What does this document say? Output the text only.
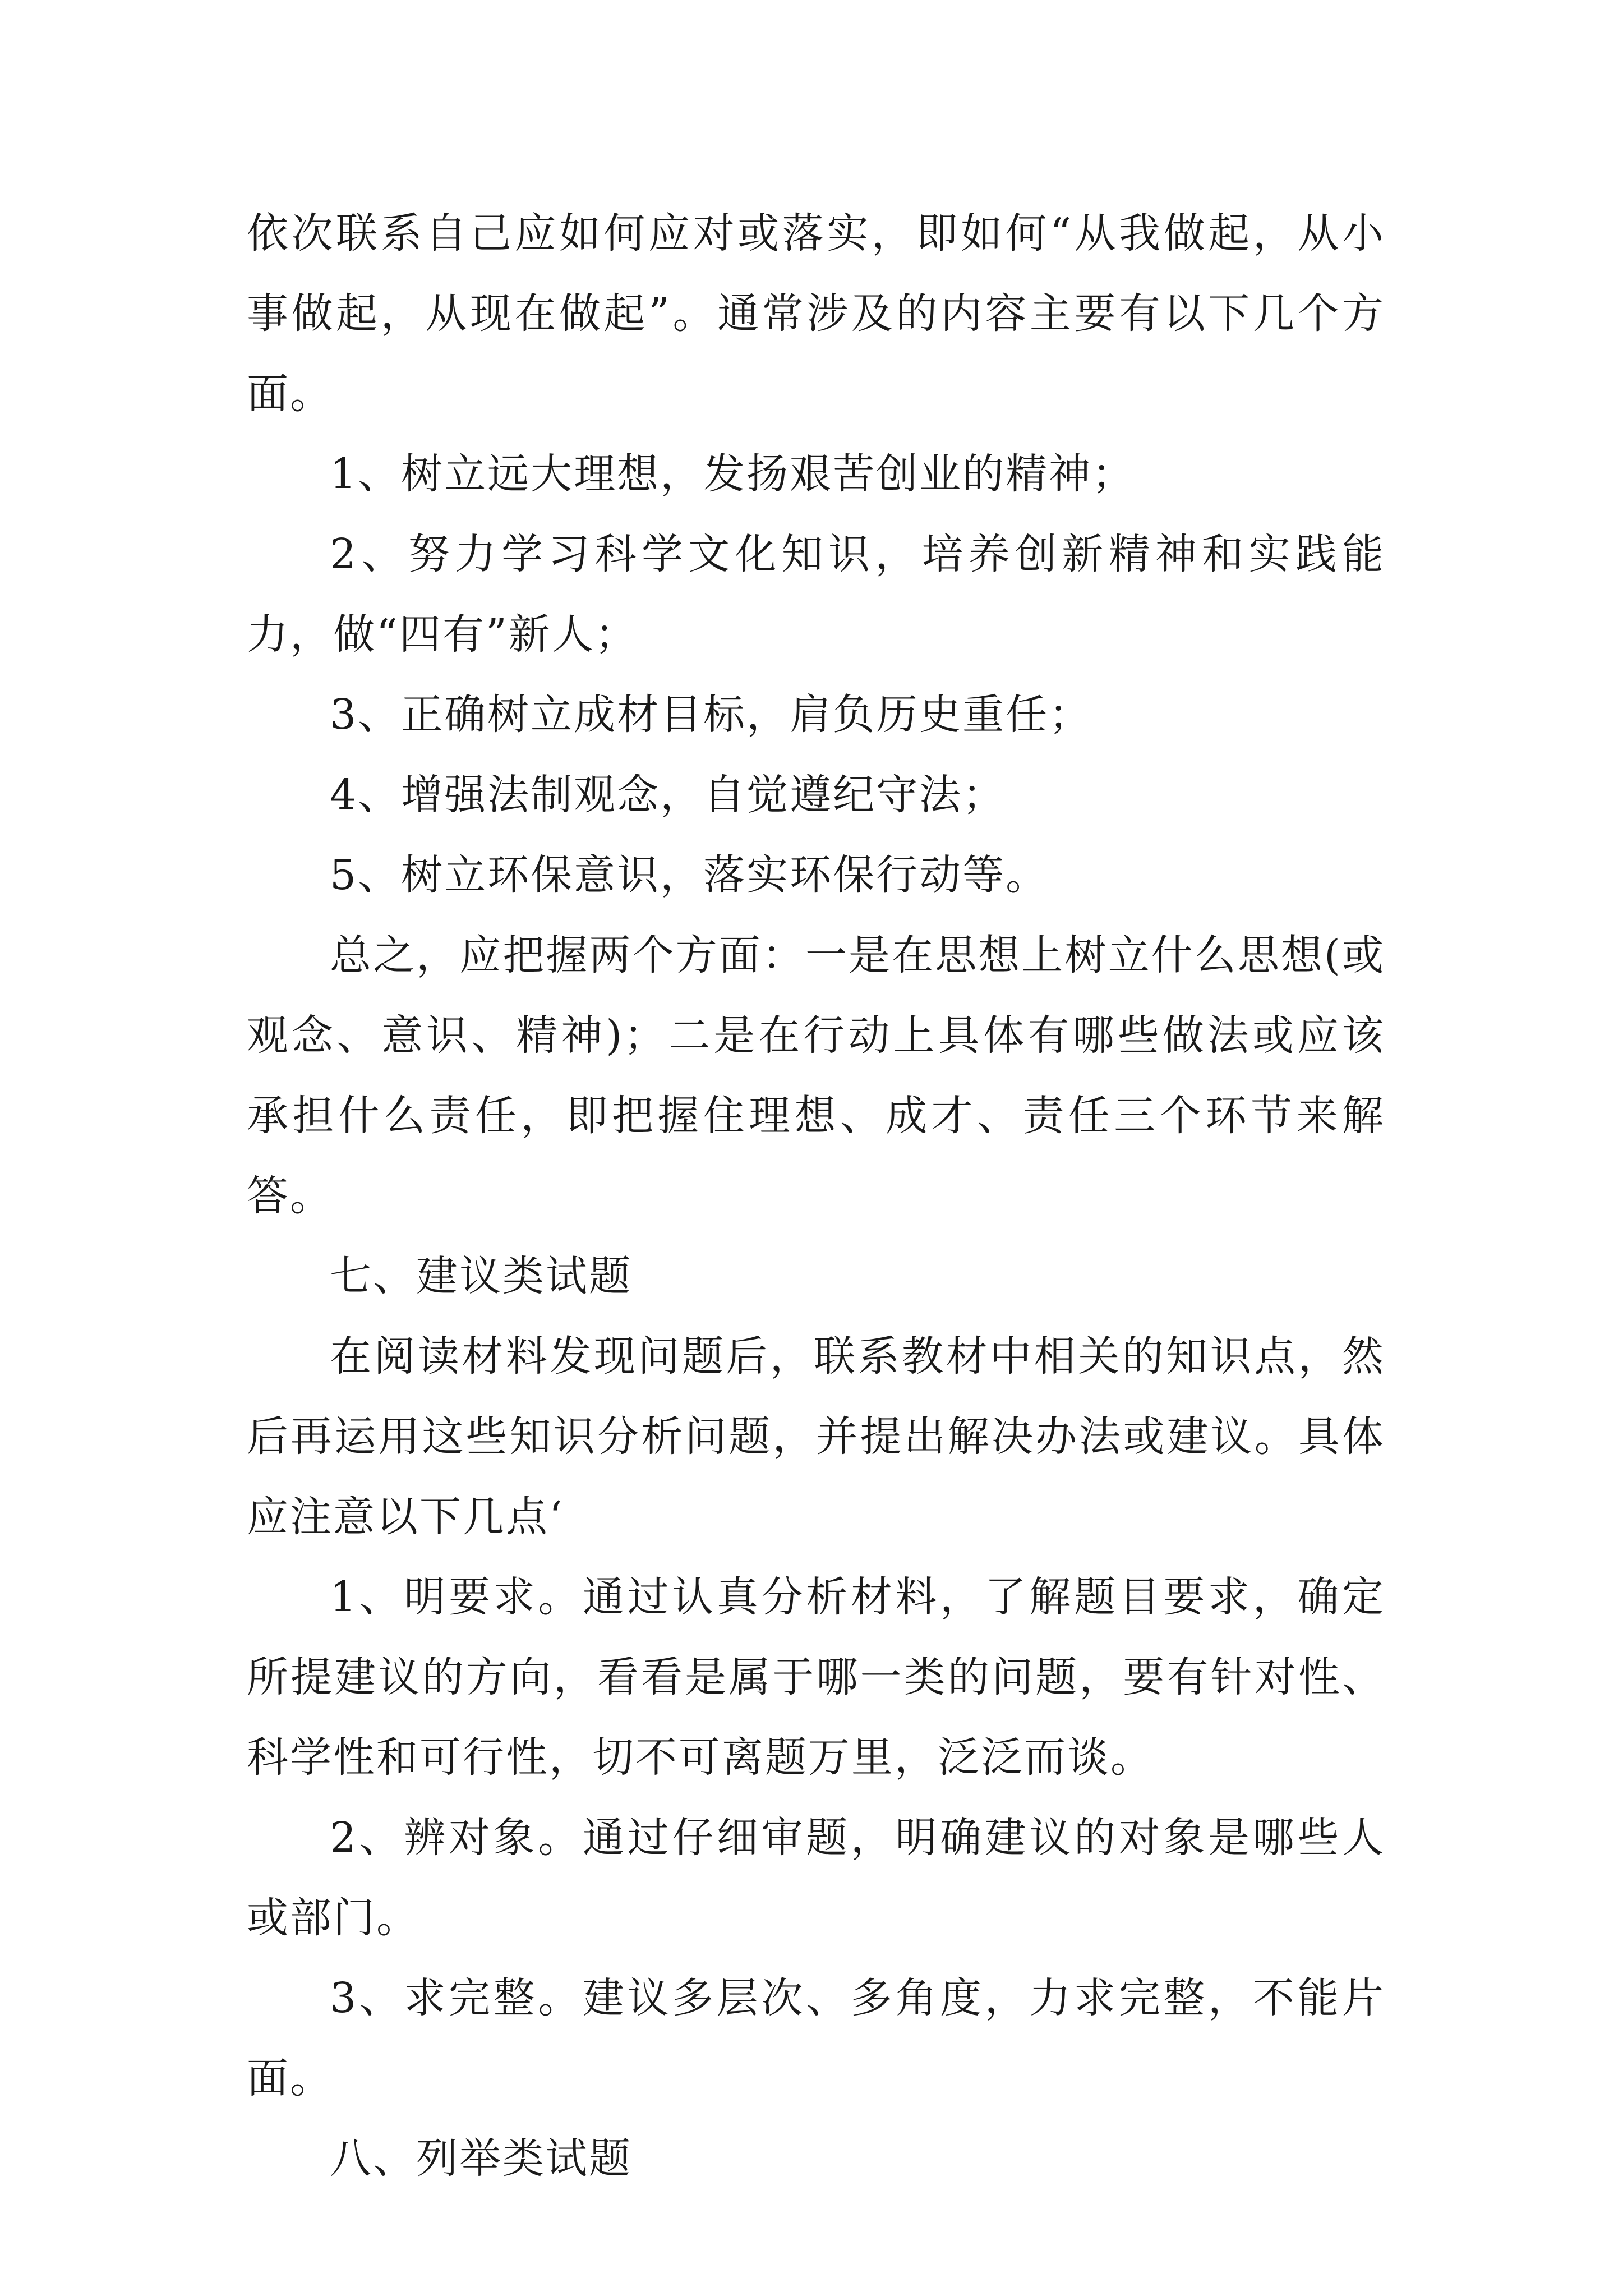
依次联系自己应如何应对或落实，即如何“从我做起，从小事做起，从现在做起”。通常涉及的内容主要有以下几个方面。

1、树立远大理想，发扬艰苦创业的精神；

2、努力学习科学文化知识，培养创新精神和实践能力，做“四有”新人；

3、正确树立成材目标，肩负历史重任；

4、增强法制观念，自觉遵纪守法；

5、树立环保意识，落实环保行动等。

总之，应把握两个方面：一是在思想上树立什么思想(或观念、意识、精神)；二是在行动上具体有哪些做法或应该承担什么责任，即把握住理想、成才、责任三个环节来解答。

七、建议类试题

在阅读材料发现问题后，联系教材中相关的知识点，然后再运用这些知识分析问题，并提出解决办法或建议。具体应注意以下几点‘

1、明要求。通过认真分析材料，了解题目要求，确定所提建议的方向，看看是属于哪一类的问题，要有针对性、科学性和可行性，切不可离题万里，泛泛而谈。

2、辨对象。通过仔细审题，明确建议的对象是哪些人或部门。

3、求完整。建议多层次、多角度，力求完整，不能片面。

八、列举类试题
